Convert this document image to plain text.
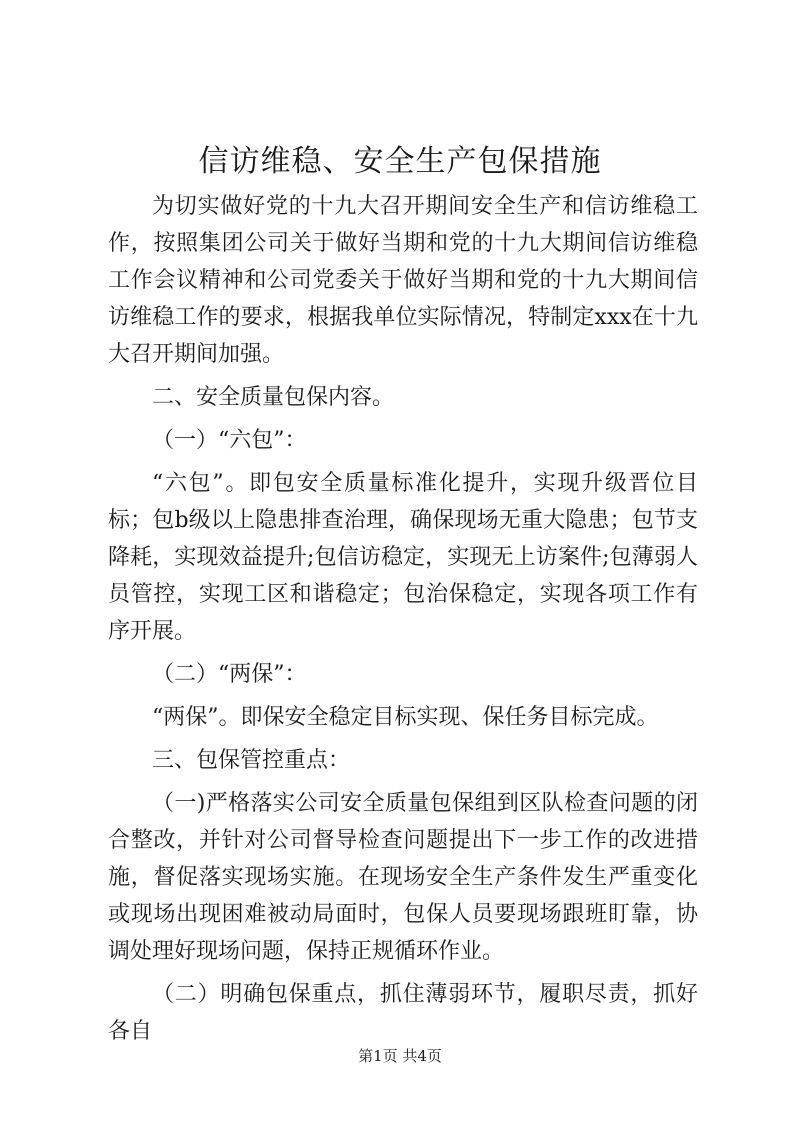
信访维稳、安全生产包保措施

为切实做好党的十九大召开期间安全生产和信访维稳工作，按照集团公司关于做好当期和党的十九大期间信访维稳工作会议精神和公司党委关于做好当期和党的十九大期间信访维稳工作的要求，根据我单位实际情况，特制定xxx在十九大召开期间加强。

二、安全质量包保内容。

（一）“六包”：

“六包”。即包安全质量标准化提升，实现升级晋位目标；包b级以上隐患排查治理，确保现场无重大隐患；包节支降耗，实现效益提升;包信访稳定，实现无上访案件;包薄弱人员管控，实现工区和谐稳定；包治保稳定，实现各项工作有序开展。

（二）“两保”：

“两保”。即保安全稳定目标实现、保任务目标完成。

三、包保管控重点：

（一)严格落实公司安全质量包保组到区队检查问题的闭合整改，并针对公司督导检查问题提出下一步工作的改进措施，督促落实现场实施。在现场安全生产条件发生严重变化或现场出现困难被动局面时，包保人员要现场跟班盯靠，协调处理好现场问题，保持正规循环作业。

（二）明确包保重点，抓住薄弱环节，履职尽责，抓好各自

第1页 共4页
